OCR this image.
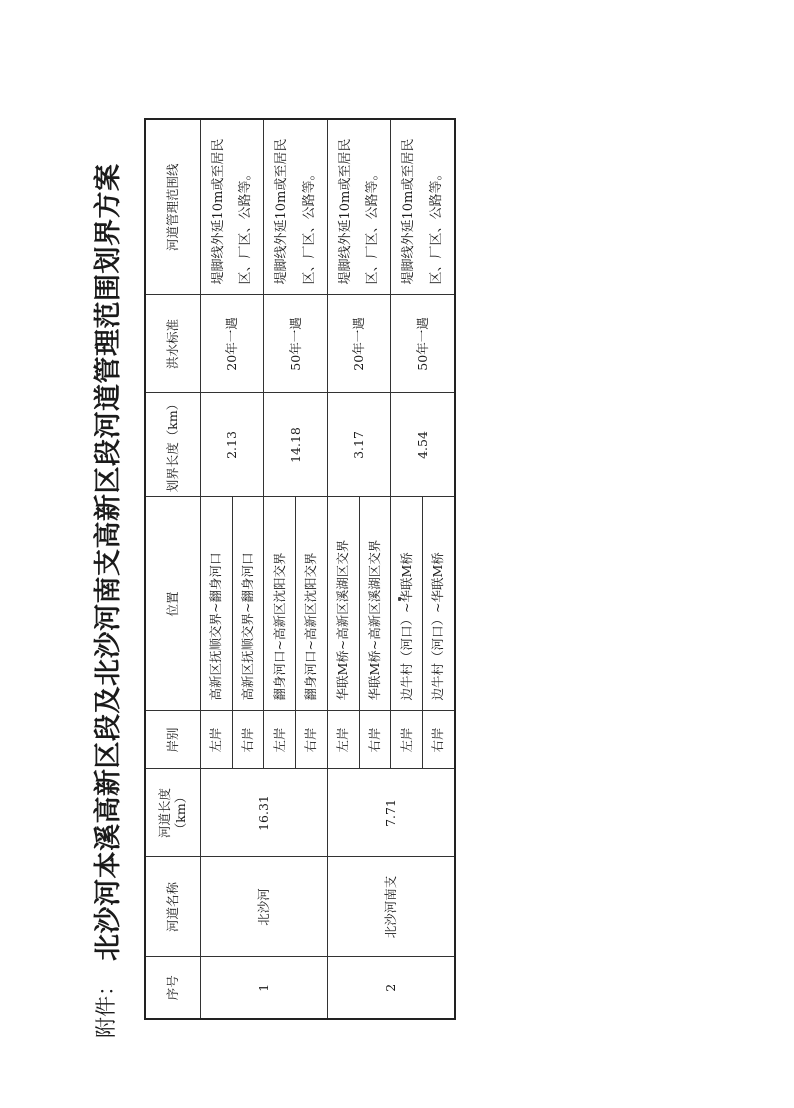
附件：
北沙河本溪高新区段及北沙河南支高新区段河道管理范围划界方案
序号	河道名称	河道长度（km）	岸别	位置	划界长度（km）	洪水标准	河道管理范围线
1	北沙河	16.31	左岸	高新区抚顺交界~翻身河口	2.13	20年一遇	堤脚线外延10m或至居民区、厂区、公路等。
			右岸	高新区抚顺交界~翻身河口			
			左岸	翻身河口~高新区沈阳交界	14.18	50年一遇	堤脚线外延10m或至居民区、厂区、公路等。
			右岸	翻身河口~高新区沈阳交界			
2	北沙河南支	7.71	左岸	华联M桥~高新区溪湖区交界	3.17	20年一遇	堤脚线外延10m或至居民区、厂区、公路等。
			右岸	华联M桥~高新区溪湖区交界			
			左岸	边牛村（河口）~华联M桥	4.54	50年一遇	堤脚线外延10m或至居民区、厂区、公路等。
			右岸	边牛村（河口）~华联M桥			
